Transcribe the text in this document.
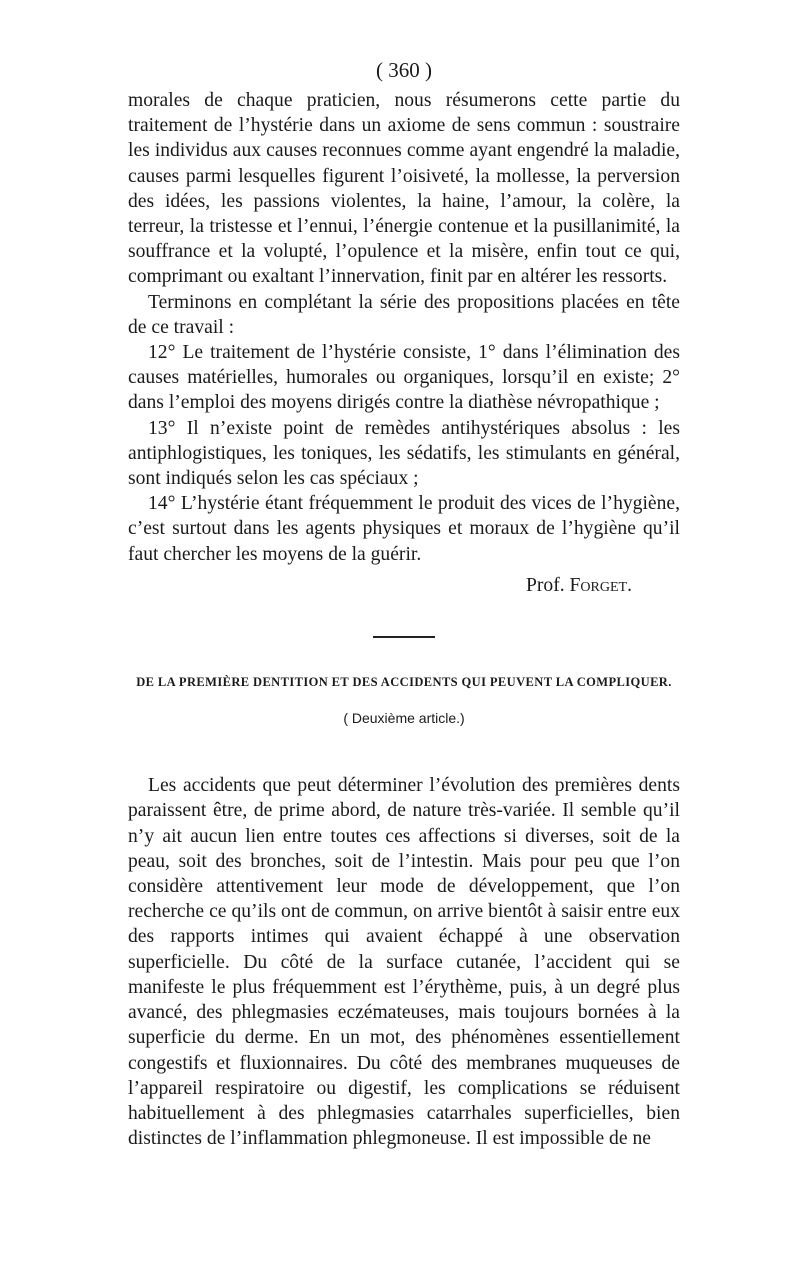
( 360 )

morales de chaque praticien, nous résumerons cette partie du traitement de l’hystérie dans un axiome de sens commun : soustraire les individus aux causes reconnues comme ayant engendré la maladie, causes parmi lesquelles figurent l’oisiveté, la mollesse, la perversion des idées, les passions violentes, la haine, l’amour, la colère, la terreur, la tristesse et l’ennui, l’énergie contenue et la pusillanimité, la souffrance et la volupté, l’opulence et la misère, enfin tout ce qui, comprimant ou exaltant l’innervation, finit par en altérer les ressorts.

Terminons en complétant la série des propositions placées en tête de ce travail :

12° Le traitement de l’hystérie consiste, 1° dans l’élimination des causes matérielles, humorales ou organiques, lorsqu’il en existe; 2° dans l’emploi des moyens dirigés contre la diathèse névropathique ;

13° Il n’existe point de remèdes antihystériques absolus : les antiphlogistiques, les toniques, les sédatifs, les stimulants en général, sont indiqués selon les cas spéciaux ;

14° L’hystérie étant fréquemment le produit des vices de l’hygiène, c’est surtout dans les agents physiques et moraux de l’hygiène qu’il faut chercher les moyens de la guérir.

Prof. Forget.
DE LA PREMIÈRE DENTITION ET DES ACCIDENTS QUI PEUVENT LA COMPLIQUER.
( Deuxième article.)

Les accidents que peut déterminer l’évolution des premières dents paraissent être, de prime abord, de nature très-variée. Il semble qu’il n’y ait aucun lien entre toutes ces affections si diverses, soit de la peau, soit des bronches, soit de l’intestin. Mais pour peu que l’on considère attentivement leur mode de développement, que l’on recherche ce qu’ils ont de commun, on arrive bientôt à saisir entre eux des rapports intimes qui avaient échappé à une observation superficielle. Du côté de la surface cutanée, l’accident qui se manifeste le plus fréquemment est l’érythème, puis, à un degré plus avancé, des phlegmasies eczémateuses, mais toujours bornées à la superficie du derme. En un mot, des phénomènes essentiellement congestifs et fluxionnaires. Du côté des membranes muqueuses de l’appareil respiratoire ou digestif, les complications se réduisent habituellement à des phlegmasies catarrhales superficielles, bien distinctes de l’inflammation phlegmoneuse. Il est impossible de ne
